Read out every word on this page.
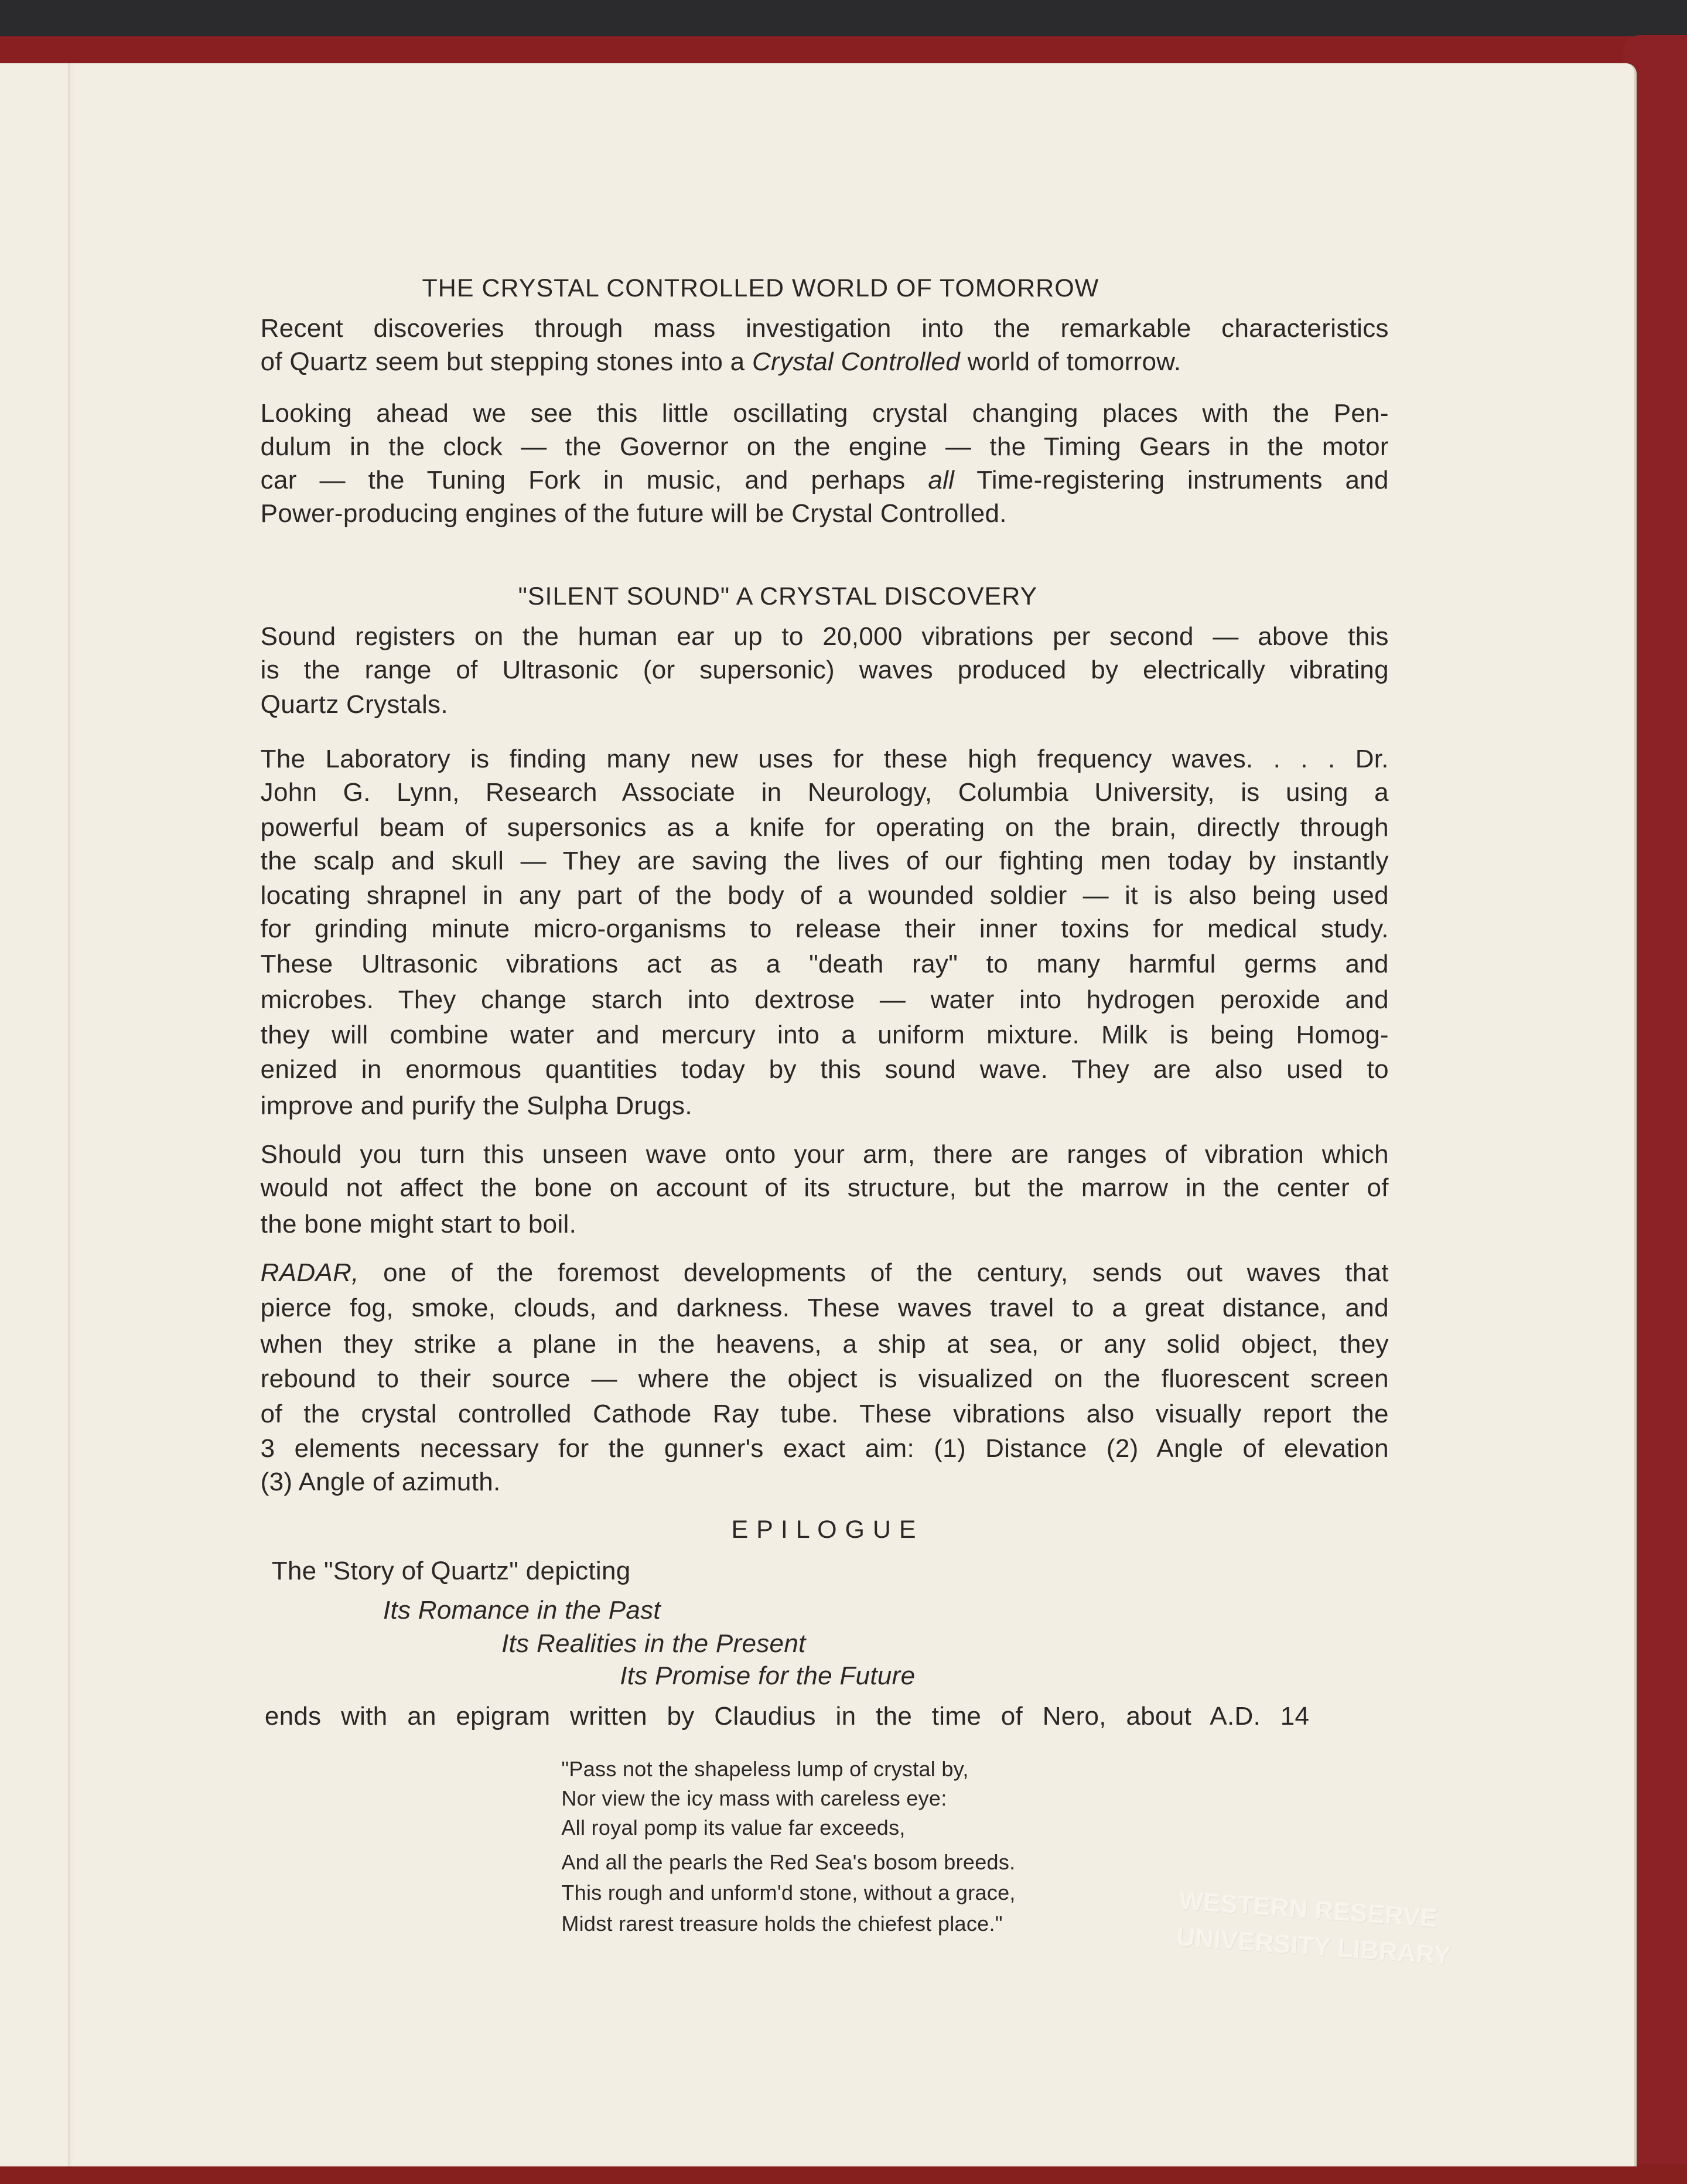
THE CRYSTAL CONTROLLED WORLD OF TOMORROW
Recent discoveries through mass investigation into the remarkable characteristics
of Quartz seem but stepping stones into a Crystal Controlled world of tomorrow.
Looking ahead we see this little oscillating crystal changing places with the Pen-
dulum in the clock — the Governor on the engine — the Timing Gears in the motor
car — the Tuning Fork in music, and perhaps all Time-registering instruments and
Power-producing engines of the future will be Crystal Controlled.
"SILENT SOUND" A CRYSTAL DISCOVERY
Sound registers on the human ear up to 20,000 vibrations per second — above this
is the range of Ultrasonic (or supersonic) waves produced by electrically vibrating
Quartz Crystals.
The Laboratory is finding many new uses for these high frequency waves. . . . Dr.
John G. Lynn, Research Associate in Neurology, Columbia University, is using a
powerful beam of supersonics as a knife for operating on the brain, directly through
the scalp and skull — They are saving the lives of our fighting men today by instantly
locating shrapnel in any part of the body of a wounded soldier — it is also being used
for grinding minute micro-organisms to release their inner toxins for medical study.
These Ultrasonic vibrations act as a "death ray" to many harmful germs and
microbes. They change starch into dextrose — water into hydrogen peroxide and
they will combine water and mercury into a uniform mixture. Milk is being Homog-
enized in enormous quantities today by this sound wave. They are also used to
improve and purify the Sulpha Drugs.
Should you turn this unseen wave onto your arm, there are ranges of vibration which
would not affect the bone on account of its structure, but the marrow in the center of
the bone might start to boil.
RADAR, one of the foremost developments of the century, sends out waves that
pierce fog, smoke, clouds, and darkness. These waves travel to a great distance, and
when they strike a plane in the heavens, a ship at sea, or any solid object, they
rebound to their source — where the object is visualized on the fluorescent screen
of the crystal controlled Cathode Ray tube. These vibrations also visually report the
3 elements necessary for the gunner's exact aim: (1) Distance (2) Angle of elevation
(3) Angle of azimuth.
E P I L O G U E
The "Story of Quartz" depicting
Its Romance in the Past
Its Realities in the Present
Its Promise for the Future
ends with an epigram written by Claudius in the time of Nero, about A.D. 14
"Pass not the shapeless lump of crystal by,
Nor view the icy mass with careless eye:
All royal pomp its value far exceeds,
And all the pearls the Red Sea's bosom breeds.
This rough and unform'd stone, without a grace,
Midst rarest treasure holds the chiefest place."	WESTERN RESERVE
UNIVERSITY LIBRARY
